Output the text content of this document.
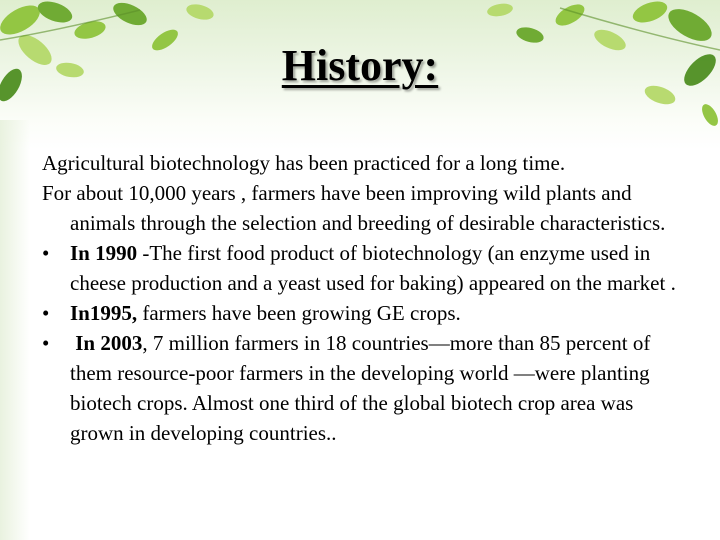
History:

Agricultural biotechnology has been practiced for a long time.

For about 10,000 years , farmers have been improving wild plants and animals through the selection and breeding of desirable characteristics.

• In 1990 -The first food product of biotechnology (an enzyme used in cheese production and a yeast used for baking) appeared on the market .
• In1995, farmers have been growing GE crops.
• In 2003, 7 million farmers in 18 countries—more than 85 percent of them resource-poor farmers in the developing world —were planting biotech crops. Almost one third of the global biotech crop area was grown in developing countries..
